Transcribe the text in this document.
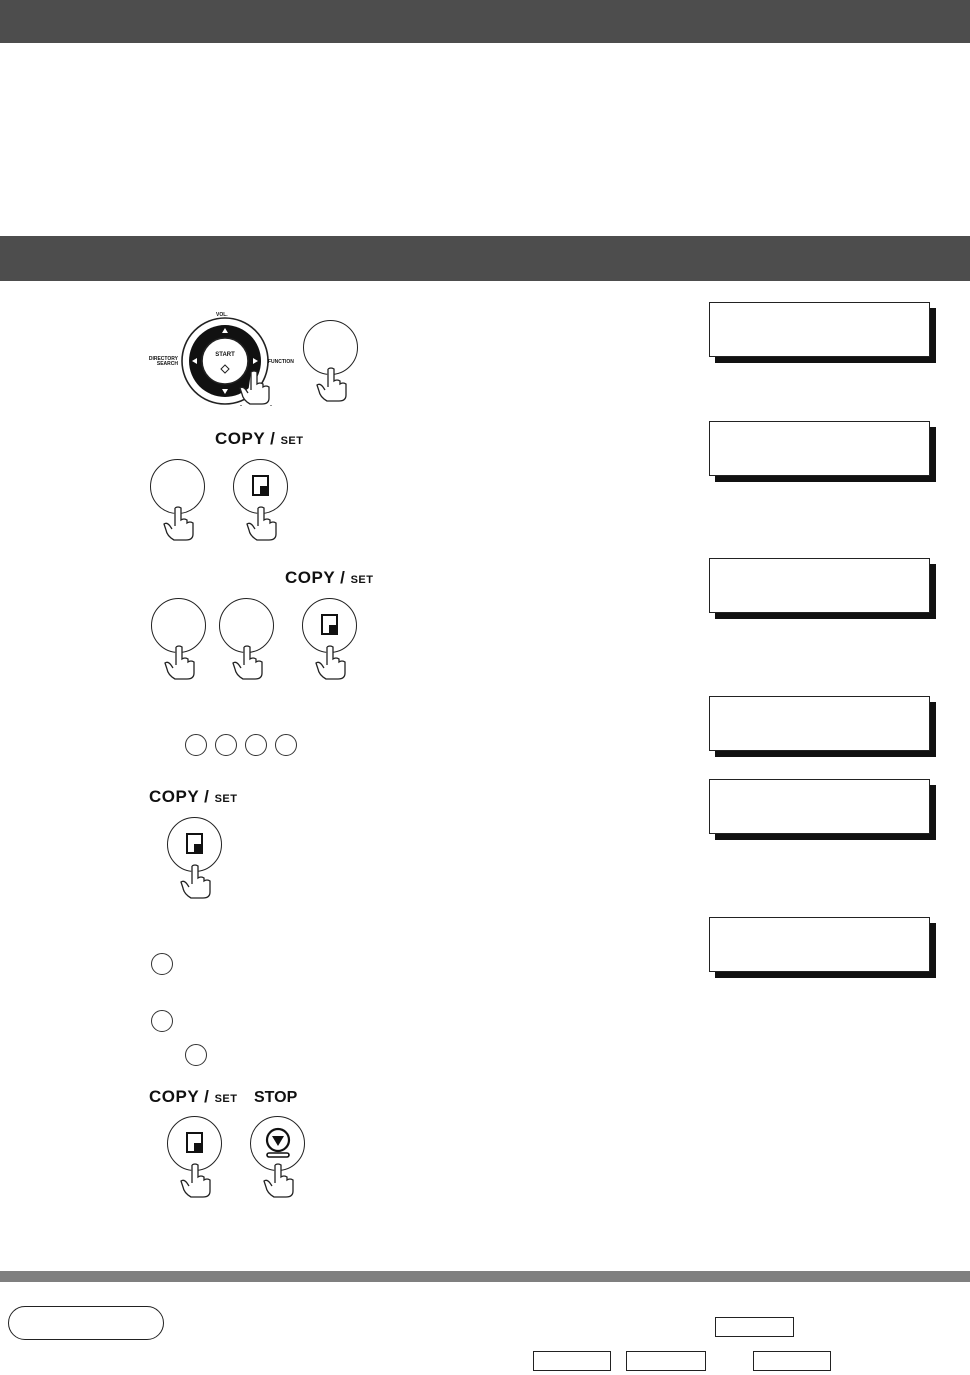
START
VOL.
DIRECTORY
SEARCH	FUNCTION
COPY / SET
COPY / SET
COPY / SET
COPY / SET STOP
